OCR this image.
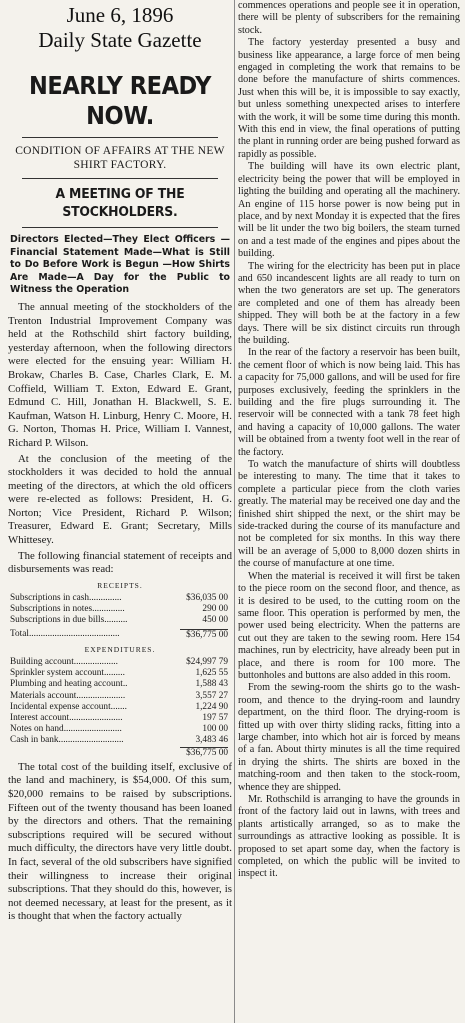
June 6, 1896
Daily State Gazette
NEARLY READY NOW.
CONDITION OF AFFAIRS AT THE NEW SHIRT FACTORY.
A MEETING OF THE STOCKHOLDERS.
Directors Elected—They Elect Officers —Financial Statement Made—What is Still to Do Before Work is Begun —How Shirts Are Made—A Day for the Public to Witness the Operation

The annual meeting of the stockholders of the Trenton Industrial Improvement Company was held at the Rothschild shirt factory building, yesterday afternoon, when the following directors were elected for the ensuing year: William H. Brokaw, Charles B. Case, Charles Clark, E. M. Coffield, William T. Exton, Edward E. Grant, Edmund C. Hill, Jonathan H. Blackwell, S. E. Kaufman, Watson H. Linburg, Henry C. Moore, H. G. Norton, Thomas H. Price, William I. Vannest, Richard P. Wilson.

At the conclusion of the meeting of the stockholders it was decided to hold the annual meeting of the directors, at which the old officers were re-elected as follows: President, H. G. Norton; Vice President, Richard P. Wilson; Treasurer, Edward E. Grant; Secretary, Mills Whittesey.

The following financial statement of receipts and disbursements was read:

RECEIPTS.
Subscriptions in cash..............	$36,035 00
Subscriptions in notes..............	290 00
Subscriptions in due bills..........	450 00
Total.......................................	$36,775 00
EXPENDITURES.
Building account...................	$24,997 79
Sprinkler system account.........	1,625 55
Plumbing and heating account..	1,588 43
Materials account.....................	3,557 27
Incidental expense account.......	1,224 90
Interest account.......................	197 57
Notes on hand.........................	100 00
Cash in bank............................	3,483 46
$36,775 00

The total cost of the building itself, exclusive of the land and machinery, is $54,000. Of this sum, $20,000 remains to be raised by subscriptions. Fifteen out of the twenty thousand has been loaned by the directors and others. That the remaining subscriptions required will be secured without much difficulty, the directors have very little doubt. In fact, several of the old subscribers have signified their willingness to increase their original subscriptions. That they should do this, however, is not deemed necessary, at least for the present, as it is thought that when the factory actually

commences operations and people see it in operation, there will be plenty of subscribers for the remaining stock.

The factory yesterday presented a busy and business like appearance, a large force of men being engaged in completing the work that remains to be done before the manufacture of shirts commences. Just when this will be, it is impossible to say exactly, but unless something unexpected arises to interfere with the work, it will be some time during this month. With this end in view, the final operations of putting the plant in running order are being pushed forward as rapidly as possible.

The building will have its own electric plant, electricity being the power that will be employed in lighting the building and operating all the machinery. An engine of 115 horse power is now being put in place, and by next Monday it is expected that the fires will be lit under the two big boilers, the steam turned on and a test made of the engines and pipes about the building.

The wiring for the electricity has been put in place and 650 incandescent lights are all ready to turn on when the two generators are set up. The generators are completed and one of them has already been shipped. They will both be at the factory in a few days. There will be six distinct circuits run through the building.

In the rear of the factory a reservoir has been built, the cement floor of which is now being laid. This has a capacity for 75,000 gallons, and will be used for fire purposes exclusively, feeding the sprinklers in the building and the fire plugs surrounding it. The reservoir will be connected with a tank 78 feet high and having a capacity of 10,000 gallons. The water will be obtained from a twenty foot well in the rear of the factory.

To watch the manufacture of shirts will doubtless be interesting to many. The time that it takes to complete a particular piece from the cloth varies greatly. The material may be received one day and the finished shirt shipped the next, or the shirt may be side-tracked during the course of its manufacture and not be completed for six months. In this way there will be an average of 5,000 to 8,000 dozen shirts in the course of manufacture at one time.

When the material is received it will first be taken to the piece room on the second floor, and thence, as it is desired to be used, to the cutting room on the same floor. This operation is performed by men, the power used being electricity. When the patterns are cut out they are taken to the sewing room. Here 154 machines, run by electricity, have already been put in place, and there is room for 100 more. The buttonholes and buttons are also added in this room.

From the sewing-room the shirts go to the wash-room, and thence to the drying-room and laundry department, on the third floor. The drying-room is fitted up with over thirty sliding racks, fitting into a large chamber, into which hot air is forced by means of a fan. About thirty minutes is all the time required in drying the shirts. The shirts are boxed in the matching-room and then taken to the stock-room, whence they are shipped.

Mr. Rothschild is arranging to have the grounds in front of the factory laid out in lawns, with trees and plants artistically arranged, so as to make the surroundings as attractive looking as possible. It is proposed to set apart some day, when the factory is completed, on which the public will be invited to inspect it.
